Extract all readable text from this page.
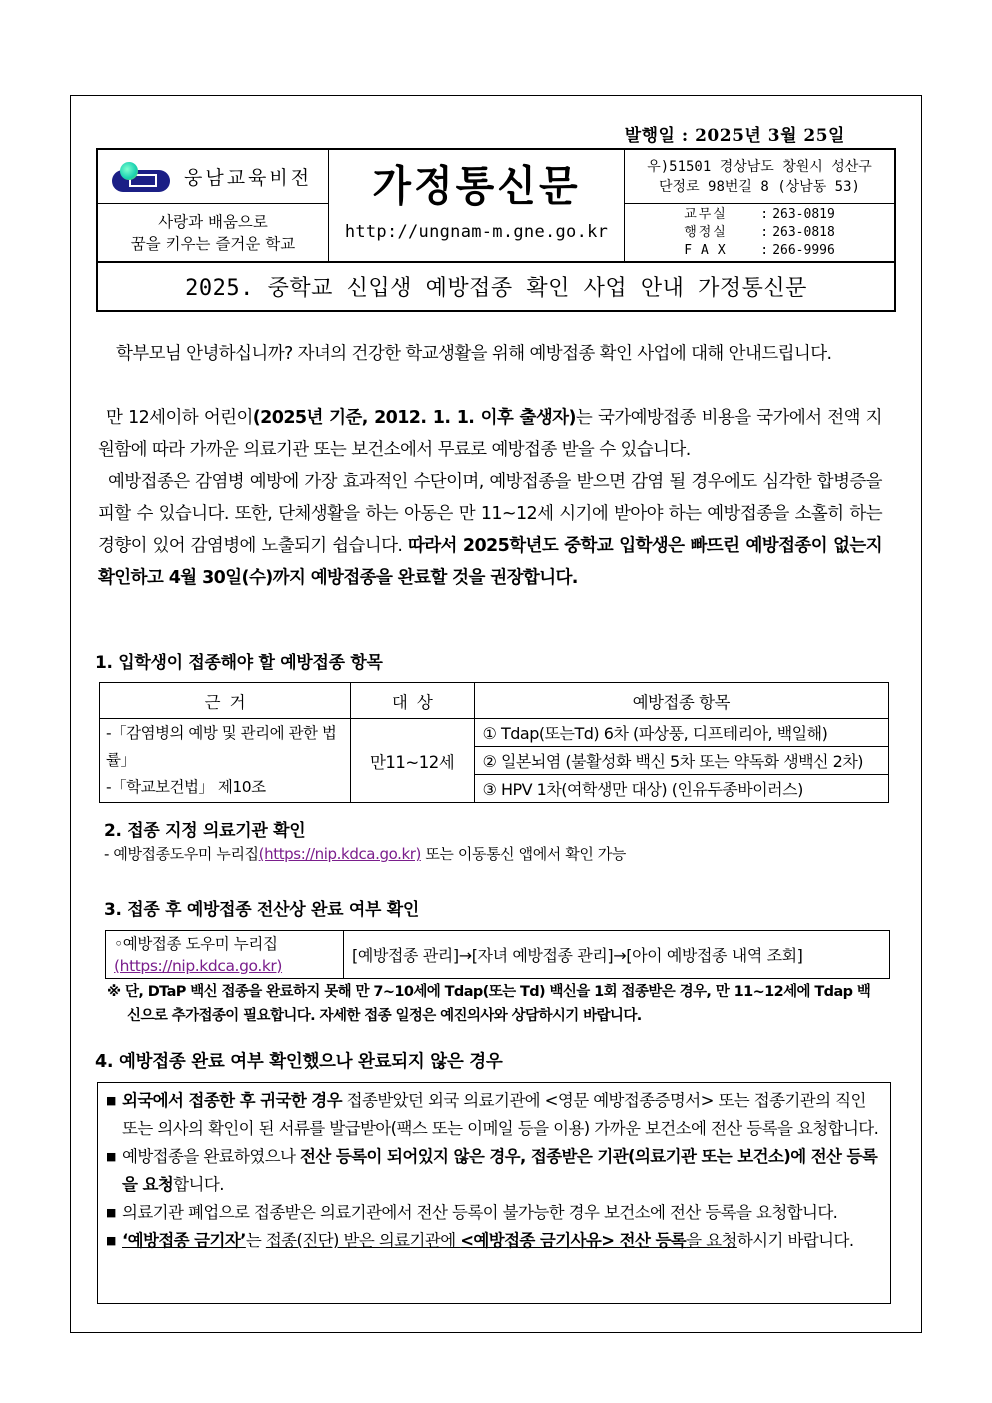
발행일 : 2025년 3월 25일
웅남교육비전
사랑과 배움으로
꿈을 키우는 즐거운 학교
가정통신문
http://ungnam-m.gne.go.kr
우)51501 경상남도 창원시 성산구
단정로 98번길 8 (상남동 53)
교무실	: 263-0819
행정실	: 263-0818
FAX	: 266-9996
2025. 중학교 신입생 예방접종 확인 사업 안내 가정통신문
학부모님 안녕하십니까? 자녀의 건강한 학교생활을 위해 예방접종 확인 사업에 대해 안내드립니다.
만 12세이하 어린이(2025년 기준, 2012. 1. 1. 이후 출생자)는 국가예방접종 비용을 국가에서 전액 지원함에 따라 가까운 의료기관 또는 보건소에서 무료로 예방접종 받을 수 있습니다.
예방접종은 감염병 예방에 가장 효과적인 수단이며, 예방접종을 받으면 감염 될 경우에도 심각한 합병증을 피할 수 있습니다. 또한, 단체생활을 하는 아동은 만 11~12세 시기에 받아야 하는 예방접종을 소홀히 하는 경향이 있어 감염병에 노출되기 쉽습니다. 따라서 2025학년도 중학교 입학생은 빠뜨린 예방접종이 없는지 확인하고 4월 30일(수)까지 예방접종을 완료할 것을 권장합니다.
1. 입학생이 접종해야 할 예방접종 항목
근  거	대  상	예방접종 항목

-「감염병의 예방 및 관리에 관한 법률」
-「학교보건법」 제10조	만11~12세	① Tdap(또는Td) 6차 (파상풍, 디프테리아, 백일해)
		② 일본뇌염 (불활성화 백신 5차 또는 약독화 생백신 2차)
		③ HPV 1차(여학생만 대상) (인유두종바이러스)
2. 접종 지정 의료기관 확인
- 예방접종도우미 누리집(https://nip.kdca.go.kr) 또는 이동통신 앱에서 확인 가능
3. 접종 후 예방접종 전산상 완료 여부 확인
◦예방접종 도우미 누리집
(https://nip.kdca.go.kr)
	[예방접종 관리]→[자녀 예방접종 관리]→[아이 예방접종 내역 조회]
※ 단, DTaP 백신 접종을 완료하지 못해 만 7~10세에 Tdap(또는 Td) 백신을 1회 접종받은 경우, 만 11~12세에 Tdap 백
신으로 추가접종이 필요합니다. 자세한 접종 일정은 예진의사와 상담하시기 바랍니다.
4. 예방접종 완료 여부 확인했으나 완료되지 않은 경우
■ 외국에서 접종한 후 귀국한 경우 접종받았던 외국 의료기관에 <영문 예방접종증명서> 또는 접종기관의 직인 또는 의사의 확인이 된 서류를 발급받아(팩스 또는 이메일 등을 이용) 가까운 보건소에 전산 등록을 요청합니다.
■ 예방접종을 완료하였으나 전산 등록이 되어있지 않은 경우, 접종받은 기관(의료기관 또는 보건소)에 전산 등록을 요청합니다.
■ 의료기관 폐업으로 접종받은 의료기관에서 전산 등록이 불가능한 경우 보건소에 전산 등록을 요청합니다.
■ ‘예방접종 금기자’는 접종(진단) 받은 의료기관에 <예방접종 금기사유> 전산 등록을 요청하시기 바랍니다.
